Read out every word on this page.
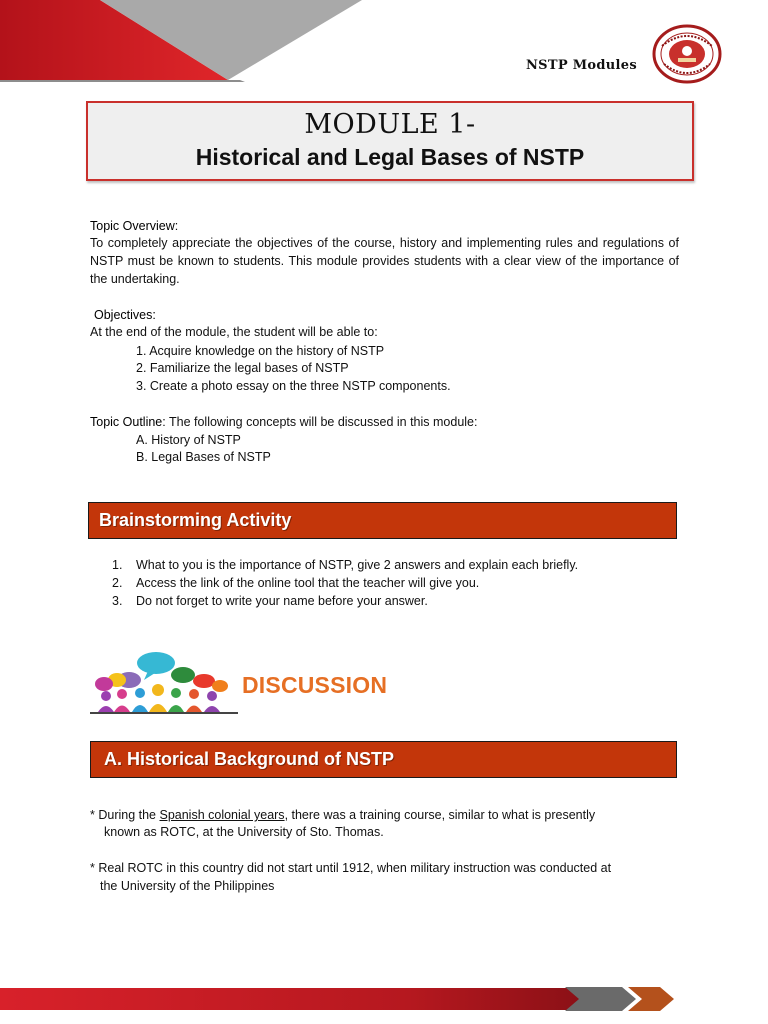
NSTP Modules
MODULE 1-
Historical and Legal Bases of NSTP
Topic Overview:
To completely appreciate the objectives of the course, history and implementing rules and regulations of NSTP must be known to students. This module provides students with a clear view of the importance of the undertaking.
Objectives:
At the end of the module, the student will be able to:
1. Acquire knowledge on the history of NSTP
2. Familiarize the legal bases of NSTP
3. Create a photo essay on the three NSTP components.
Topic Outline: The following concepts will be discussed in this module:
A. History of NSTP
B. Legal Bases of NSTP
Brainstorming Activity
1. What to you is the importance of NSTP, give 2 answers and explain each briefly.
2. Access the link of the online tool that the teacher will give you.
3. Do not forget to write your name before your answer.
DISCUSSION
A. Historical Background of NSTP
* During the Spanish colonial years, there was a training course, similar to what is presently
known as ROTC, at the University of Sto. Thomas.
* Real ROTC in this country did not start until 1912, when military instruction was conducted at
the University of the Philippines
